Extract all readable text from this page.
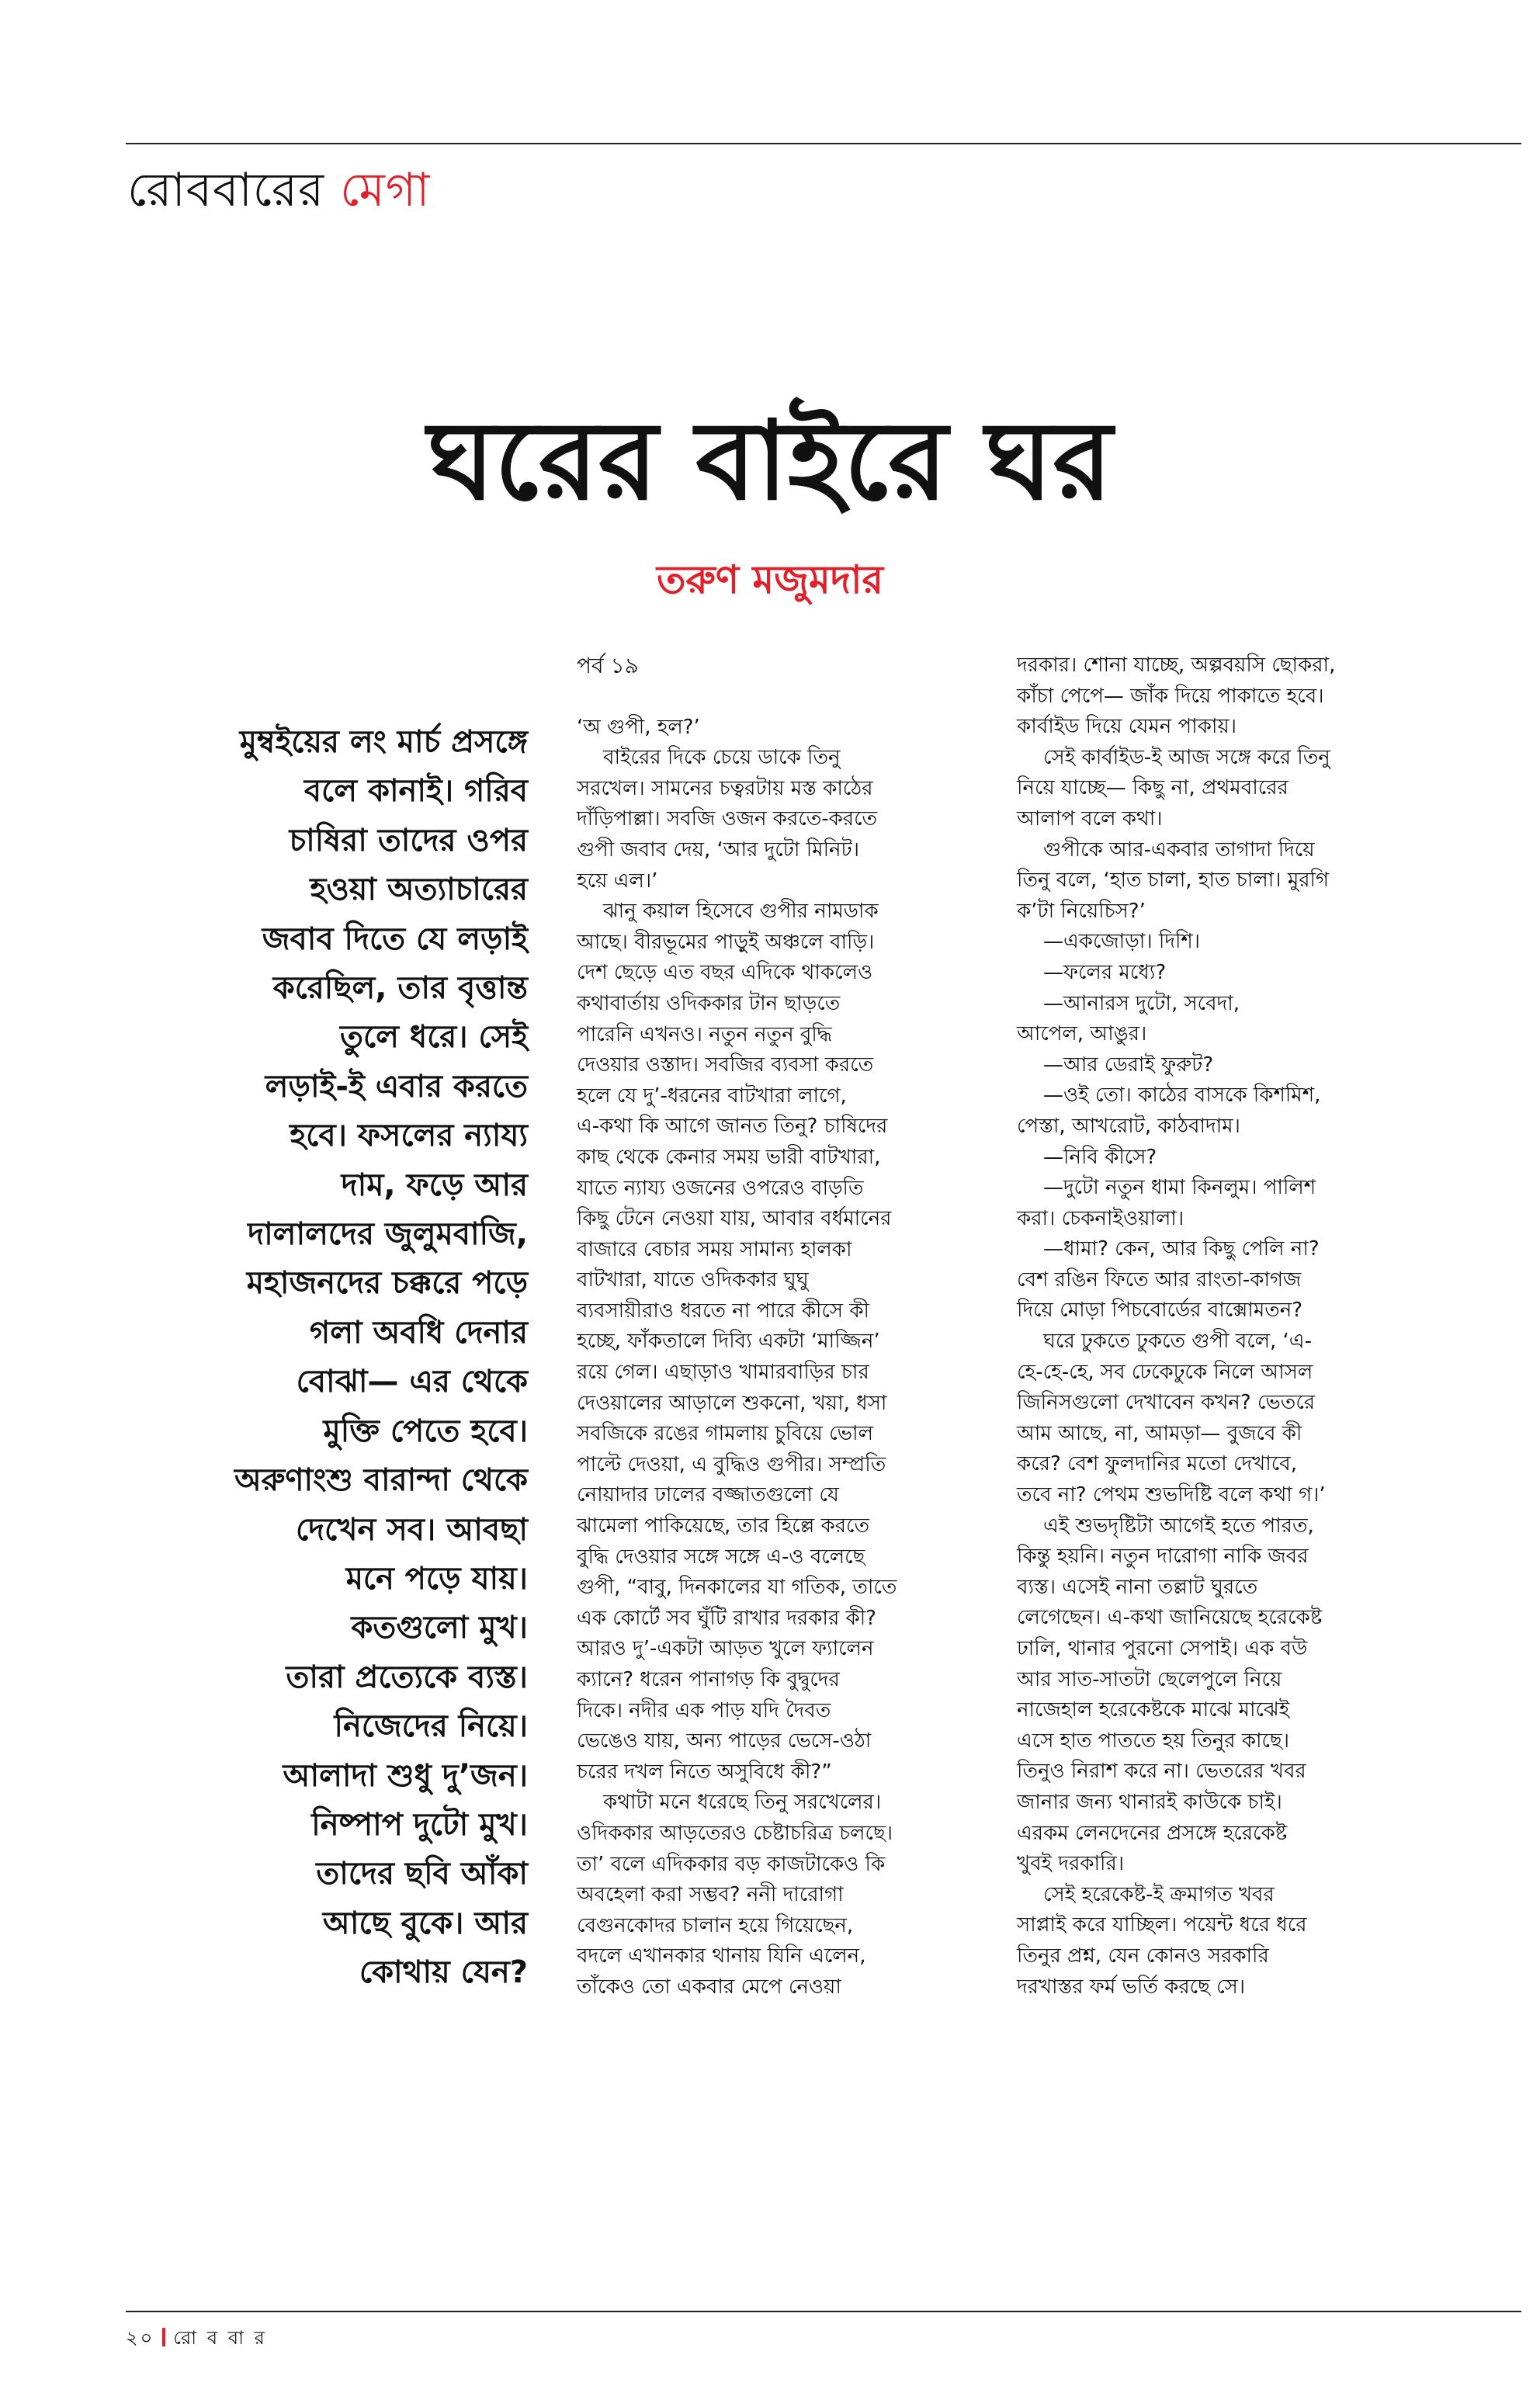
রোববারের মেগা
ঘরের বাইরে ঘর
তরুণ মজুমদার
মুম্বইয়ের লং মার্চ প্রসঙ্গে
বলে কানাই। গরিব
চাষিরা তাদের ওপর
হওয়া অত্যাচারের
জবাব দিতে যে লড়াই
করেছিল, তার বৃত্তান্ত
তুলে ধরে। সেই
লড়াই-ই এবার করতে
হবে। ফসলের ন্যায্য
দাম, ফড়ে আর
দালালদের জুলুমবাজি,
মহাজনদের চক্করে পড়ে
গলা অবধি দেনার
বোঝা— এর থেকে
মুক্তি পেতে হবে।
অরুণাংশু বারান্দা থেকে
দেখেন সব। আবছা
মনে পড়ে যায়।
কতগুলো মুখ।
তারা প্রত্যেকে ব্যস্ত।
নিজেদের নিয়ে।
আলাদা শুধু দু’জন।
নিষ্পাপ দুটো মুখ।
তাদের ছবি আঁকা
আছে বুকে। আর
কোথায় যেন?
পর্ব ১৯
‘অ গুপী, হল?’
বাইরের দিকে চেয়ে ডাকে তিনু
সরখেল। সামনের চত্বরটায় মস্ত কাঠের
দাঁড়িপাল্লা। সবজি ওজন করতে-করতে
গুপী জবাব দেয়, ‘আর দুটো মিনিট।
হয়ে এল।’
ঝানু কয়াল হিসেবে গুপীর নামডাক
আছে। বীরভূমের পাড়ুই অঞ্চলে বাড়ি।
দেশ ছেড়ে এত বছর এদিকে থাকলেও
কথাবার্তায় ওদিককার টান ছাড়তে
পারেনি এখনও। নতুন নতুন বুদ্ধি
দেওয়ার ওস্তাদ। সবজির ব্যবসা করতে
হলে যে দু’-ধরনের বাটখারা লাগে,
এ-কথা কি আগে জানত তিনু? চাষিদের
কাছ থেকে কেনার সময় ভারী বাটখারা,
যাতে ন্যায্য ওজনের ওপরেও বাড়তি
কিছু টেনে নেওয়া যায়, আবার বর্ধমানের
বাজারে বেচার সময় সামান্য হালকা
বাটখারা, যাতে ওদিককার ঘুঘু
ব্যবসায়ীরাও ধরতে না পারে কীসে কী
হচ্ছে, ফাঁকতালে দিব্যি একটা ‘মাজ্জিন’
রয়ে গেল। এছাড়াও খামারবাড়ির চার
দেওয়ালের আড়ালে শুকনো, খয়া, ধসা
সবজিকে রঙের গামলায় চুবিয়ে ভোল
পাল্টে দেওয়া, এ বুদ্ধিও গুপীর। সম্প্রতি
নোয়াদার ঢালের বজ্জাতগুলো যে
ঝামেলা পাকিয়েছে, তার হিল্লে করতে
বুদ্ধি দেওয়ার সঙ্গে সঙ্গে এ-ও বলেছে
গুপী, “বাবু, দিনকালের যা গতিক, তাতে
এক কোর্টে সব ঘুঁটি রাখার দরকার কী?
আরও দু’-একটা আড়ত খুলে ফ্যালেন
ক্যানে? ধরেন পানাগড় কি বুদ্বুদের
দিকে। নদীর এক পাড় যদি দৈবত
ভেঙেও যায়, অন্য পাড়ের ভেসে-ওঠা
চরের দখল নিতে অসুবিধে কী?”
কথাটা মনে ধরেছে তিনু সরখেলের।
ওদিককার আড়তেরও চেষ্টাচরিত্র চলছে।
তা’ বলে এদিককার বড় কাজটাকেও কি
অবহেলা করা সম্ভব? ননী দারোগা
বেগুনকোদর চালান হয়ে গিয়েছেন,
বদলে এখানকার থানায় যিনি এলেন,
তাঁকেও তো একবার মেপে নেওয়া
দরকার। শোনা যাচ্ছে, অল্পবয়সি ছোকরা,
কাঁচা পেপে— জাঁক দিয়ে পাকাতে হবে।
কার্বাইড দিয়ে যেমন পাকায়।
সেই কার্বাইড-ই আজ সঙ্গে করে তিনু
নিয়ে যাচ্ছে— কিছু না, প্রথমবারের
আলাপ বলে কথা।
গুপীকে আর-একবার তাগাদা দিয়ে
তিনু বলে, ‘হাত চালা, হাত চালা। মুরগি
ক’টা নিয়েচিস?’
—একজোড়া। দিশি।
—ফলের মধ্যে?
—আনারস দুটো, সবেদা,
আপেল, আঙুর।
—আর ডেরাই ফুরুট?
—ওই তো। কাঠের বাসকে কিশমিশ,
পেস্তা, আখরোট, কাঠবাদাম।
—নিবি কীসে?
—দুটো নতুন ধামা কিনলুম। পালিশ
করা। চেকনাইওয়ালা।
—ধামা? কেন, আর কিছু পেলি না?
বেশ রঙিন ফিতে আর রাংতা-কাগজ
দিয়ে মোড়া পিচবোর্ডের বাক্সোমতন?
ঘরে ঢুকতে ঢুকতে গুপী বলে, ‘এ-
হে-হে-হে, সব ঢেকেঢুকে নিলে আসল
জিনিসগুলো দেখাবেন কখন? ভেতরে
আম আছে, না, আমড়া— বুজবে কী
করে? বেশ ফুলদানির মতো দেখাবে,
তবে না? পেথম শুভদিষ্টি বলে কথা গ।’
এই শুভদৃষ্টিটা আগেই হতে পারত,
কিন্তু হয়নি। নতুন দারোগা নাকি জবর
ব্যস্ত। এসেই নানা তল্লাট ঘুরতে
লেগেছেন। এ-কথা জানিয়েছে হরেকেষ্ট
ঢালি, থানার পুরনো সেপাই। এক বউ
আর সাত-সাতটা ছেলেপুলে নিয়ে
নাজেহাল হরেকেষ্টকে মাঝে মাঝেই
এসে হাত পাততে হয় তিনুর কাছে।
তিনুও নিরাশ করে না। ভেতরের খবর
জানার জন্য থানারই কাউকে চাই।
এরকম লেনদেনের প্রসঙ্গে হরেকেষ্ট
খুবই দরকারি।
সেই হরেকেষ্ট-ই ক্রমাগত খবর
সাপ্লাই করে যাচ্ছিল। পয়েন্ট ধরে ধরে
তিনুর প্রশ্ন, যেন কোনও সরকারি
দরখাস্তর ফর্ম ভর্তি করছে সে।
২০ রো ব বা র
